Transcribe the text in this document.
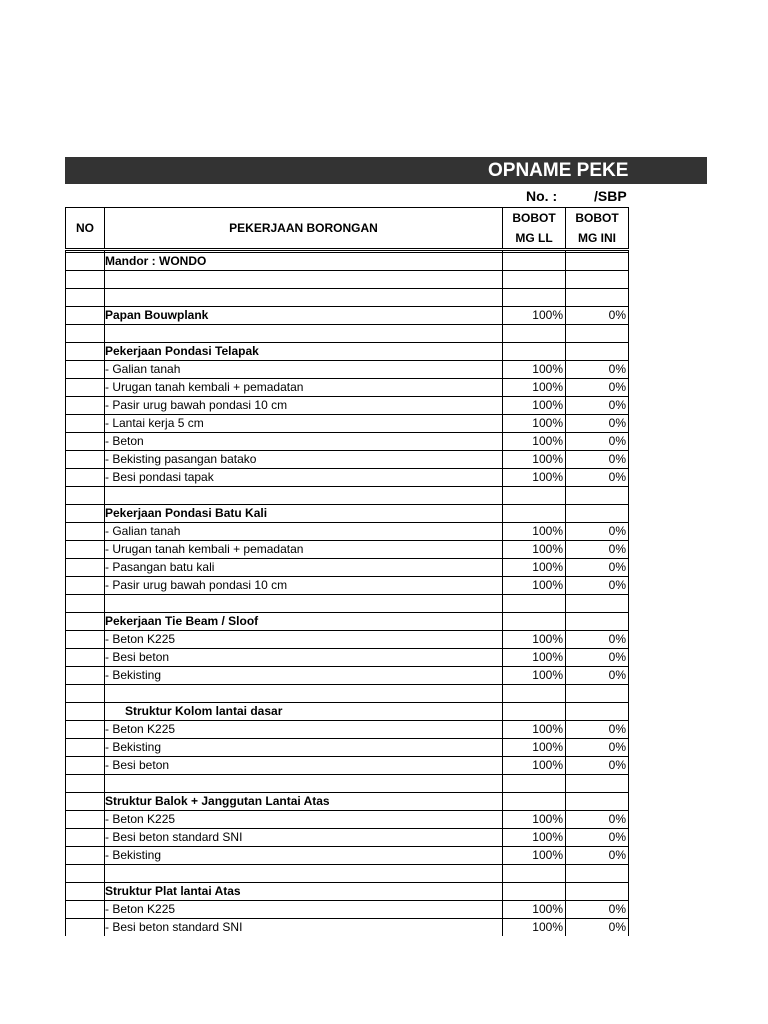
OPNAME PEKE
No. :	/SBP
NO	PEKERJAAN BORONGAN	BOBOT	BOBOT
		MG LL	MG INI

	Mandor : WONDO		

	Papan Bouwplank	100%	0%

	Pekerjaan Pondasi Telapak		
	- Galian tanah	100%	0%
	- Urugan tanah kembali + pemadatan	100%	0%
	- Pasir urug bawah pondasi 10 cm	100%	0%
	- Lantai kerja 5 cm	100%	0%
	- Beton	100%	0%
	- Bekisting pasangan batako	100%	0%
	- Besi pondasi tapak	100%	0%

	Pekerjaan Pondasi Batu Kali		
	- Galian tanah	100%	0%
	- Urugan tanah kembali + pemadatan	100%	0%
	- Pasangan batu kali	100%	0%
	- Pasir urug bawah pondasi 10 cm	100%	0%

	Pekerjaan Tie Beam / Sloof		
	- Beton K225	100%	0%
	- Besi beton	100%	0%
	- Bekisting	100%	0%

	Struktur Kolom lantai dasar		
	- Beton K225	100%	0%
	- Bekisting	100%	0%
	- Besi beton	100%	0%

	Struktur Balok + Janggutan Lantai Atas		
	- Beton K225	100%	0%
	- Besi beton standard SNI	100%	0%
	- Bekisting	100%	0%

	Struktur Plat lantai Atas		
	- Beton K225	100%	0%
	- Besi beton standard SNI	100%	0%
